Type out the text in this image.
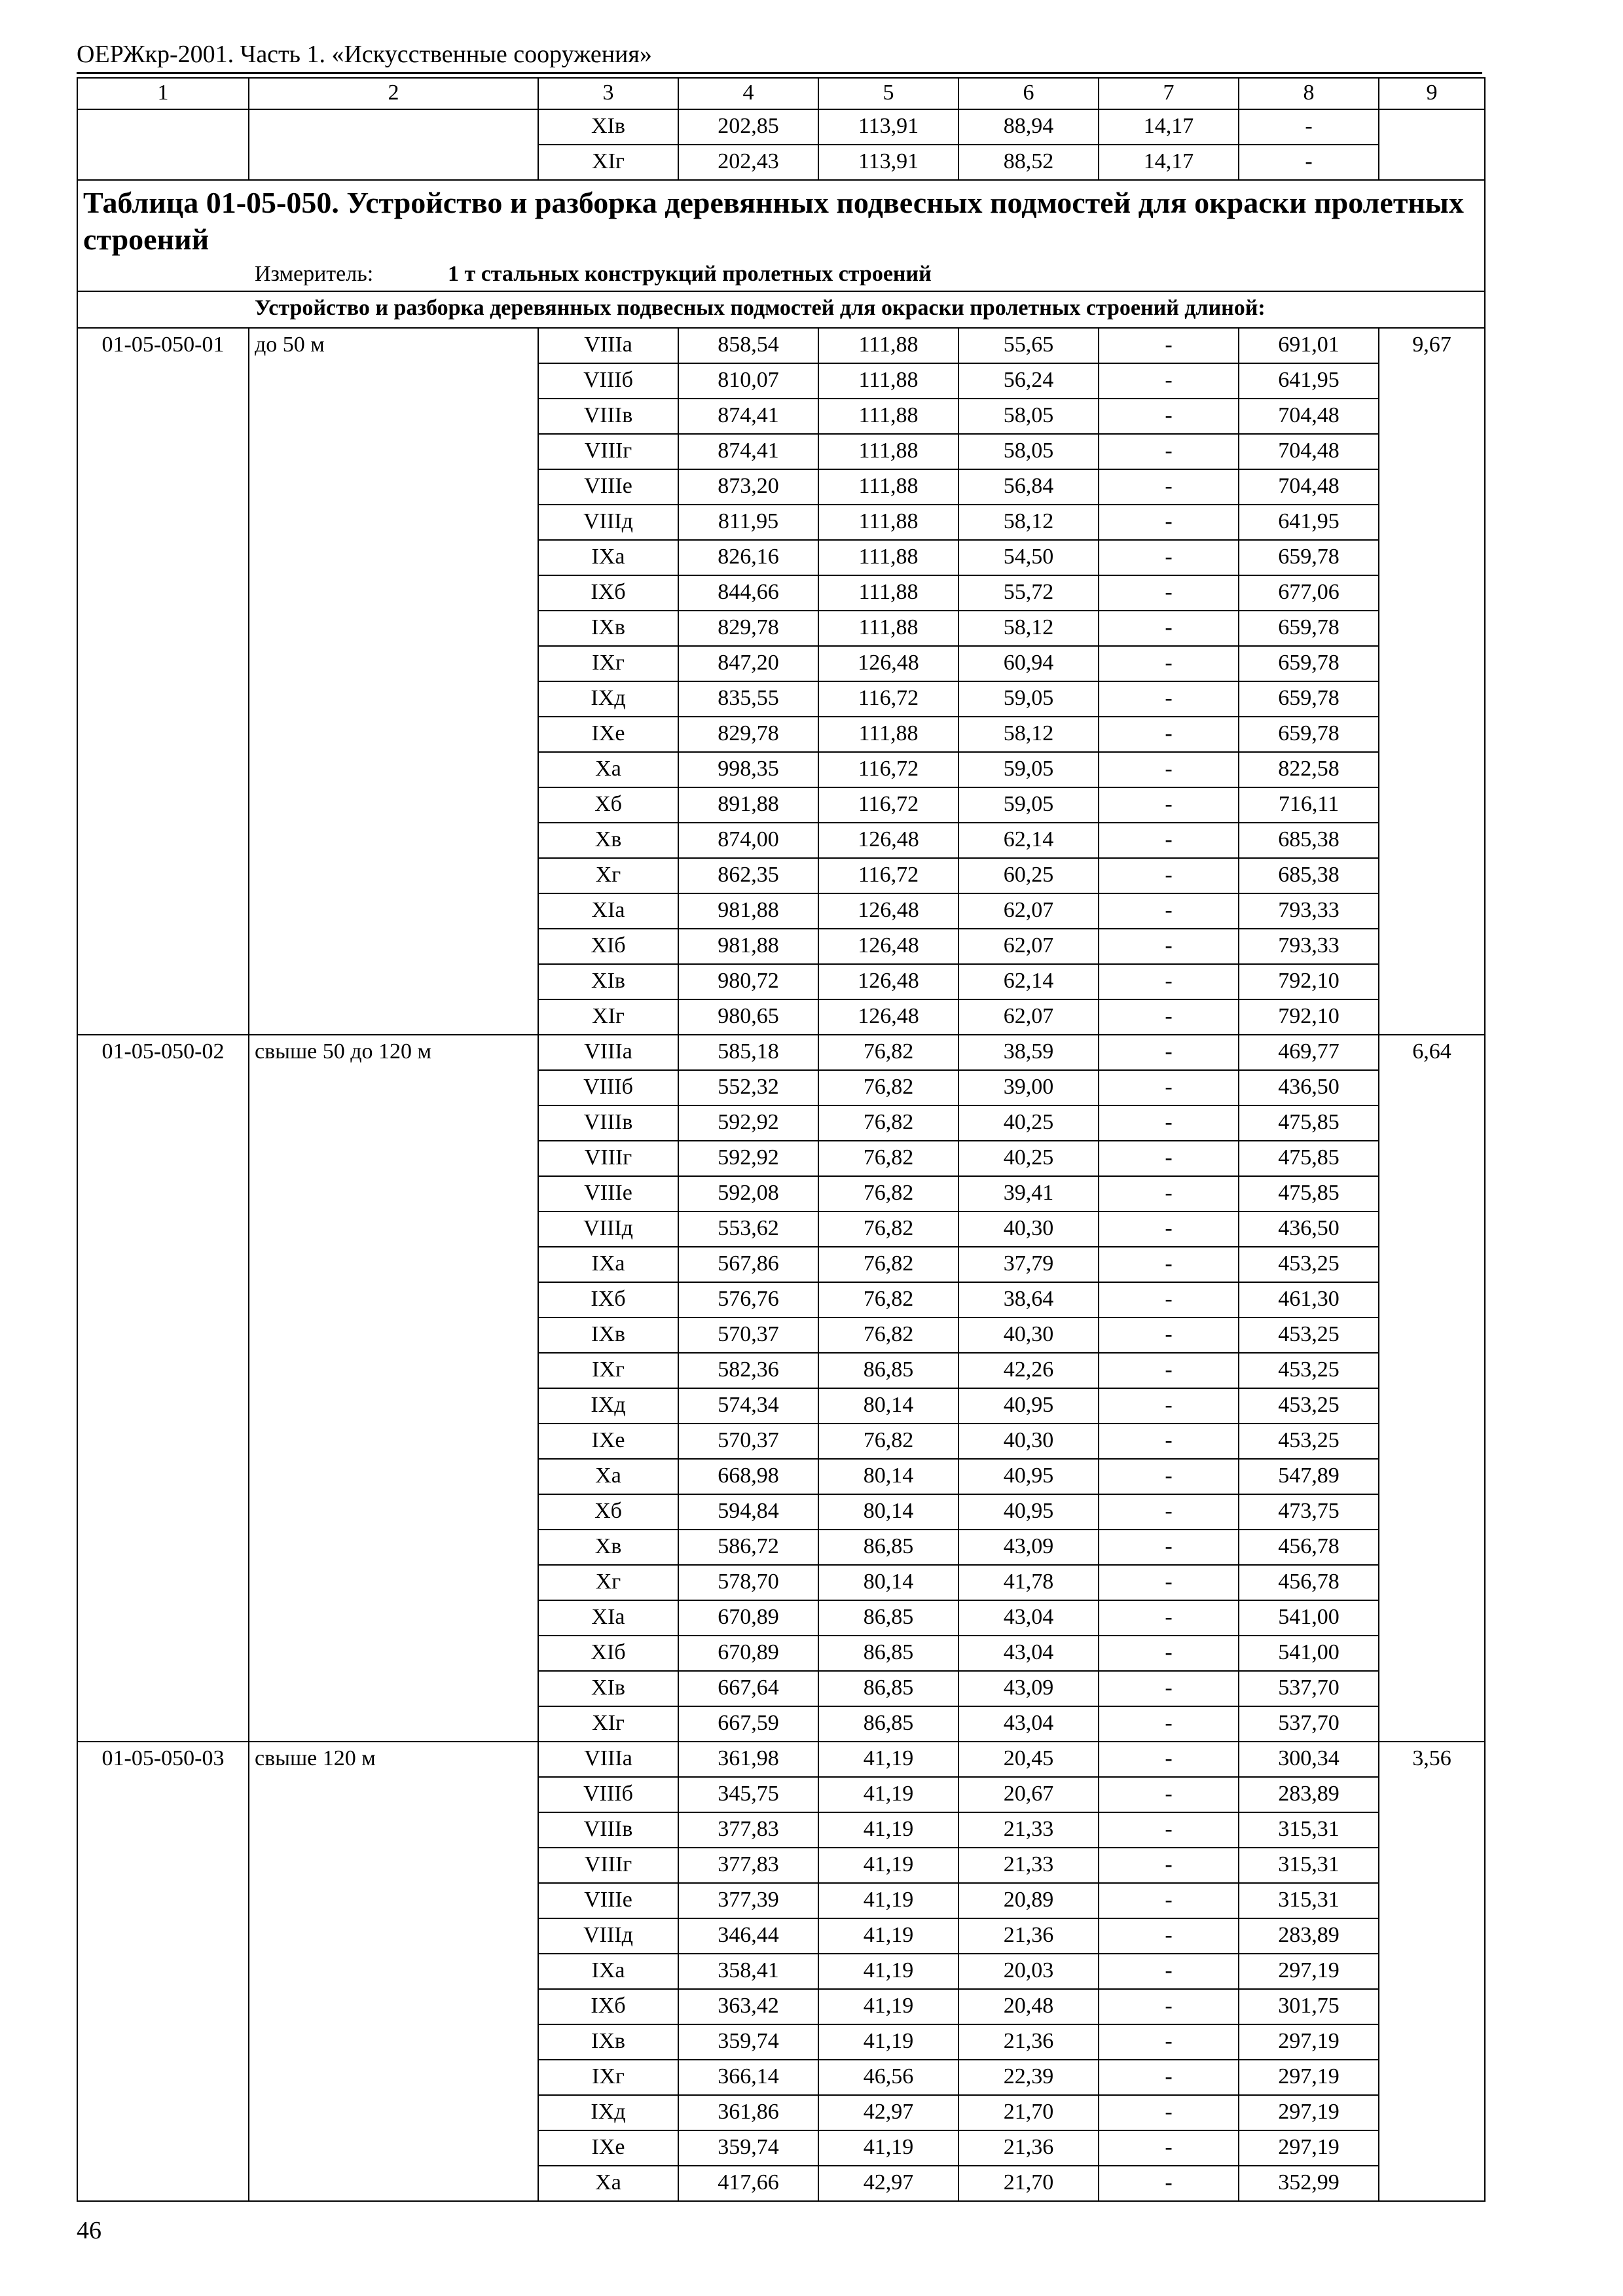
ОЕРЖкр-2001. Часть 1. «Искусственные сооружения»
1	2	3	4	5	6	7	8	9
		XIв	202,85	113,91	88,94	14,17	-	
		XIг	202,43	113,91	88,52	14,17	-	

Таблица 01-05-050. Устройство и разборка деревянных подвесных подмостей для окраски пролетных строений
Измеритель: 1 т стальных конструкций пролетных строений								

Устройство и разборка деревянных подвесных подмостей для окраски пролетных строений длиной:								
01-05-050-01	до 50 м	VIIIа	858,54	111,88	55,65	-	691,01	9,67
		VIIIб	810,07	111,88	56,24	-	641,95	
		VIIIв	874,41	111,88	58,05	-	704,48	
		VIIIг	874,41	111,88	58,05	-	704,48	
		VIIIе	873,20	111,88	56,84	-	704,48	
		VIIIд	811,95	111,88	58,12	-	641,95	
		IXа	826,16	111,88	54,50	-	659,78	
		IXб	844,66	111,88	55,72	-	677,06	
		IXв	829,78	111,88	58,12	-	659,78	
		IXг	847,20	126,48	60,94	-	659,78	
		IXд	835,55	116,72	59,05	-	659,78	
		IXе	829,78	111,88	58,12	-	659,78	
		Xа	998,35	116,72	59,05	-	822,58	
		Xб	891,88	116,72	59,05	-	716,11	
		Xв	874,00	126,48	62,14	-	685,38	
		Xг	862,35	116,72	60,25	-	685,38	
		XIа	981,88	126,48	62,07	-	793,33	
		XIб	981,88	126,48	62,07	-	793,33	
		XIв	980,72	126,48	62,14	-	792,10	
		XIг	980,65	126,48	62,07	-	792,10	
01-05-050-02	свыше 50 до 120 м	VIIIа	585,18	76,82	38,59	-	469,77	6,64
		VIIIб	552,32	76,82	39,00	-	436,50	
		VIIIв	592,92	76,82	40,25	-	475,85	
		VIIIг	592,92	76,82	40,25	-	475,85	
		VIIIе	592,08	76,82	39,41	-	475,85	
		VIIIд	553,62	76,82	40,30	-	436,50	
		IXа	567,86	76,82	37,79	-	453,25	
		IXб	576,76	76,82	38,64	-	461,30	
		IXв	570,37	76,82	40,30	-	453,25	
		IXг	582,36	86,85	42,26	-	453,25	
		IXд	574,34	80,14	40,95	-	453,25	
		IXе	570,37	76,82	40,30	-	453,25	
		Xа	668,98	80,14	40,95	-	547,89	
		Xб	594,84	80,14	40,95	-	473,75	
		Xв	586,72	86,85	43,09	-	456,78	
		Xг	578,70	80,14	41,78	-	456,78	
		XIа	670,89	86,85	43,04	-	541,00	
		XIб	670,89	86,85	43,04	-	541,00	
		XIв	667,64	86,85	43,09	-	537,70	
		XIг	667,59	86,85	43,04	-	537,70	
01-05-050-03	свыше 120 м	VIIIа	361,98	41,19	20,45	-	300,34	3,56
		VIIIб	345,75	41,19	20,67	-	283,89	
		VIIIв	377,83	41,19	21,33	-	315,31	
		VIIIг	377,83	41,19	21,33	-	315,31	
		VIIIе	377,39	41,19	20,89	-	315,31	
		VIIIд	346,44	41,19	21,36	-	283,89	
		IXа	358,41	41,19	20,03	-	297,19	
		IXб	363,42	41,19	20,48	-	301,75	
		IXв	359,74	41,19	21,36	-	297,19	
		IXг	366,14	46,56	22,39	-	297,19	
		IXд	361,86	42,97	21,70	-	297,19	
		IXе	359,74	41,19	21,36	-	297,19	
		Xа	417,66	42,97	21,70	-	352,99	
46
